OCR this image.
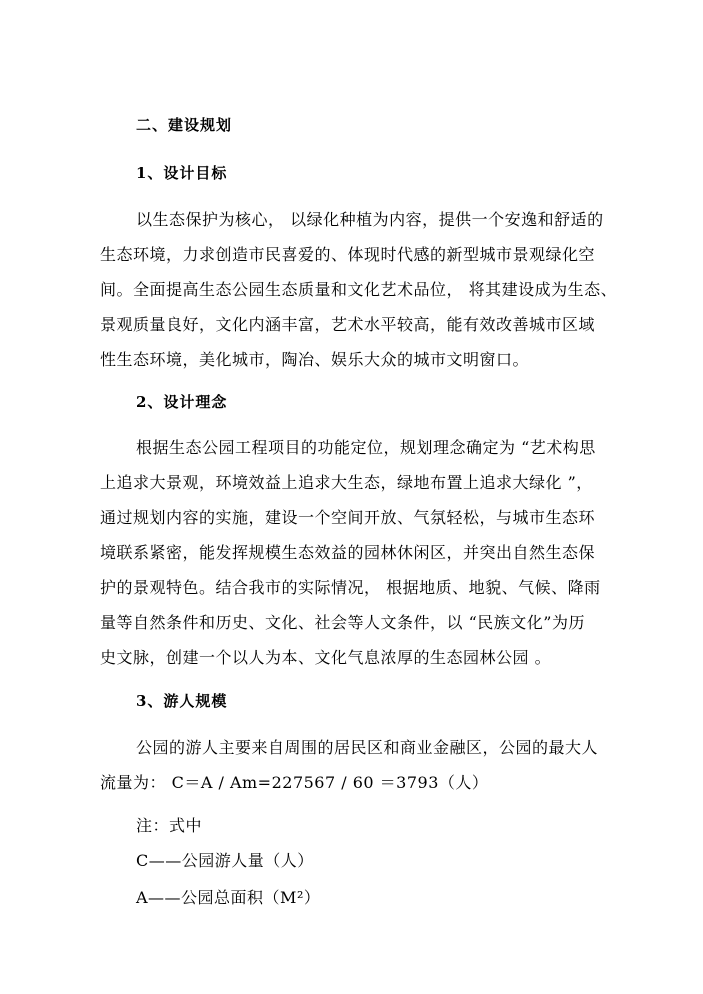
二、建设规划
1、设计目标
以生态保护为核心， 以绿化种植为内容，提供一个安逸和舒适的
生态环境，力求创造市民喜爱的、体现时代感的新型城市景观绿化空
间。全面提高生态公园生态质量和文化艺术品位， 将其建设成为生态、
景观质量良好，文化内涵丰富，艺术水平较高，能有效改善城市区域
性生态环境，美化城市，陶冶、娱乐大众的城市文明窗口。
2、设计理念
根据生态公园工程项目的功能定位，规划理念确定为 “艺术构思
上追求大景观，环境效益上追求大生态，绿地布置上追求大绿化 ”，
通过规划内容的实施，建设一个空间开放、气氛轻松，与城市生态环
境联系紧密，能发挥规模生态效益的园林休闲区，并突出自然生态保
护的景观特色。结合我市的实际情况， 根据地质、地貌、气候、降雨
量等自然条件和历史、文化、社会等人文条件，以 “民族文化”为历
史文脉，创建一个以人为本、文化气息浓厚的生态园林公园 。
3、游人规模
公园的游人主要来自周围的居民区和商业金融区，公园的最大人
流量为： C＝A / Am=227567 / 60 ＝3793（人）
注：式中
C——公园游人量（人）
A——公园总面积（M²）
